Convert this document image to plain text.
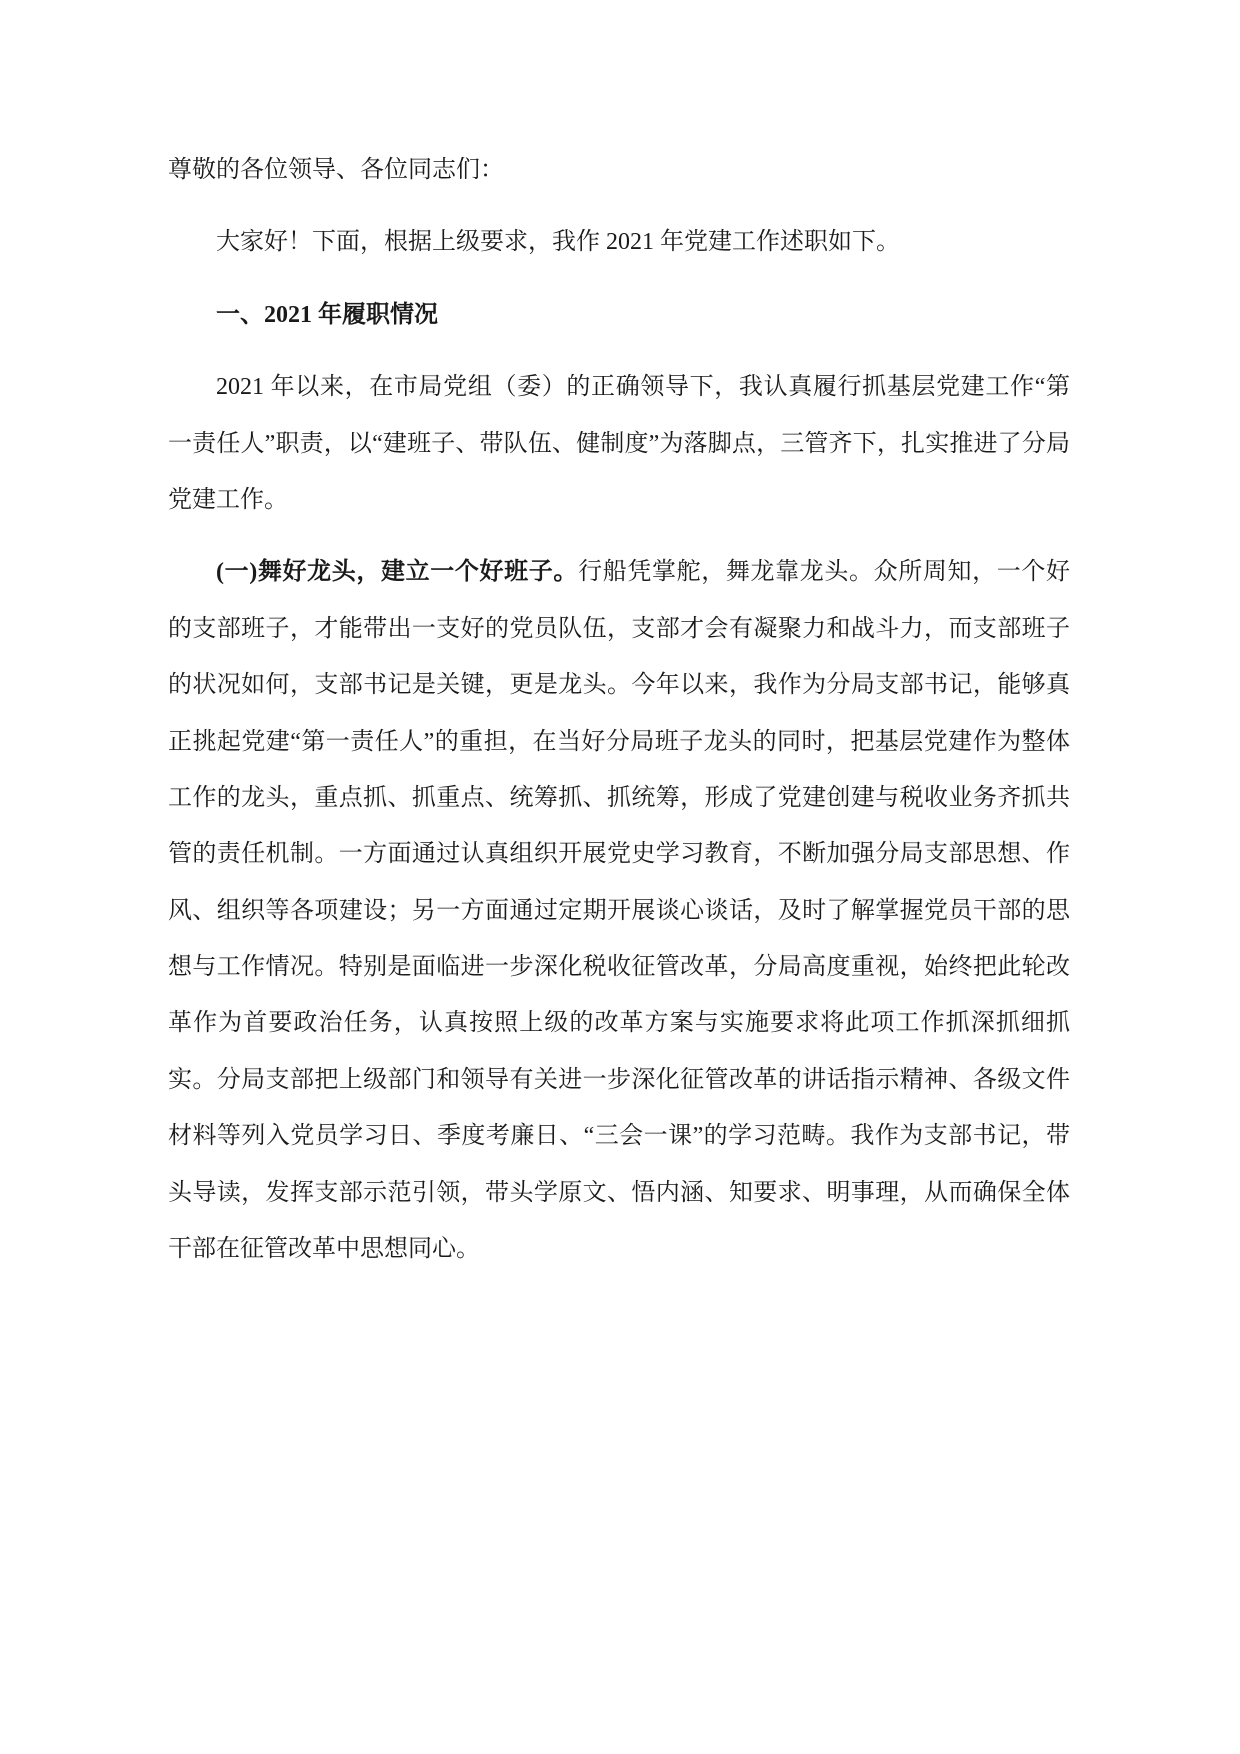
尊敬的各位领导、各位同志们：

大家好！下面，根据上级要求，我作 2021 年党建工作述职如下。

一、2021 年履职情况

2021 年以来，在市局党组（委）的正确领导下，我认真履行抓基层党建工作“第一责任人”职责，以“建班子、带队伍、健制度”为落脚点，三管齐下，扎实推进了分局党建工作。

(一)舞好龙头，建立一个好班子。行船凭掌舵，舞龙靠龙头。众所周知，一个好的支部班子，才能带出一支好的党员队伍，支部才会有凝聚力和战斗力，而支部班子的状况如何，支部书记是关键，更是龙头。今年以来，我作为分局支部书记，能够真正挑起党建“第一责任人”的重担，在当好分局班子龙头的同时，把基层党建作为整体工作的龙头，重点抓、抓重点、统筹抓、抓统筹，形成了党建创建与税收业务齐抓共管的责任机制。一方面通过认真组织开展党史学习教育，不断加强分局支部思想、作风、组织等各项建设；另一方面通过定期开展谈心谈话，及时了解掌握党员干部的思想与工作情况。特别是面临进一步深化税收征管改革，分局高度重视，始终把此轮改革作为首要政治任务，认真按照上级的改革方案与实施要求将此项工作抓深抓细抓实。分局支部把上级部门和领导有关进一步深化征管改革的讲话指示精神、各级文件材料等列入党员学习日、季度考廉日、“三会一课”的学习范畴。我作为支部书记，带头导读，发挥支部示范引领，带头学原文、悟内涵、知要求、明事理，从而确保全体干部在征管改革中思想同心。
